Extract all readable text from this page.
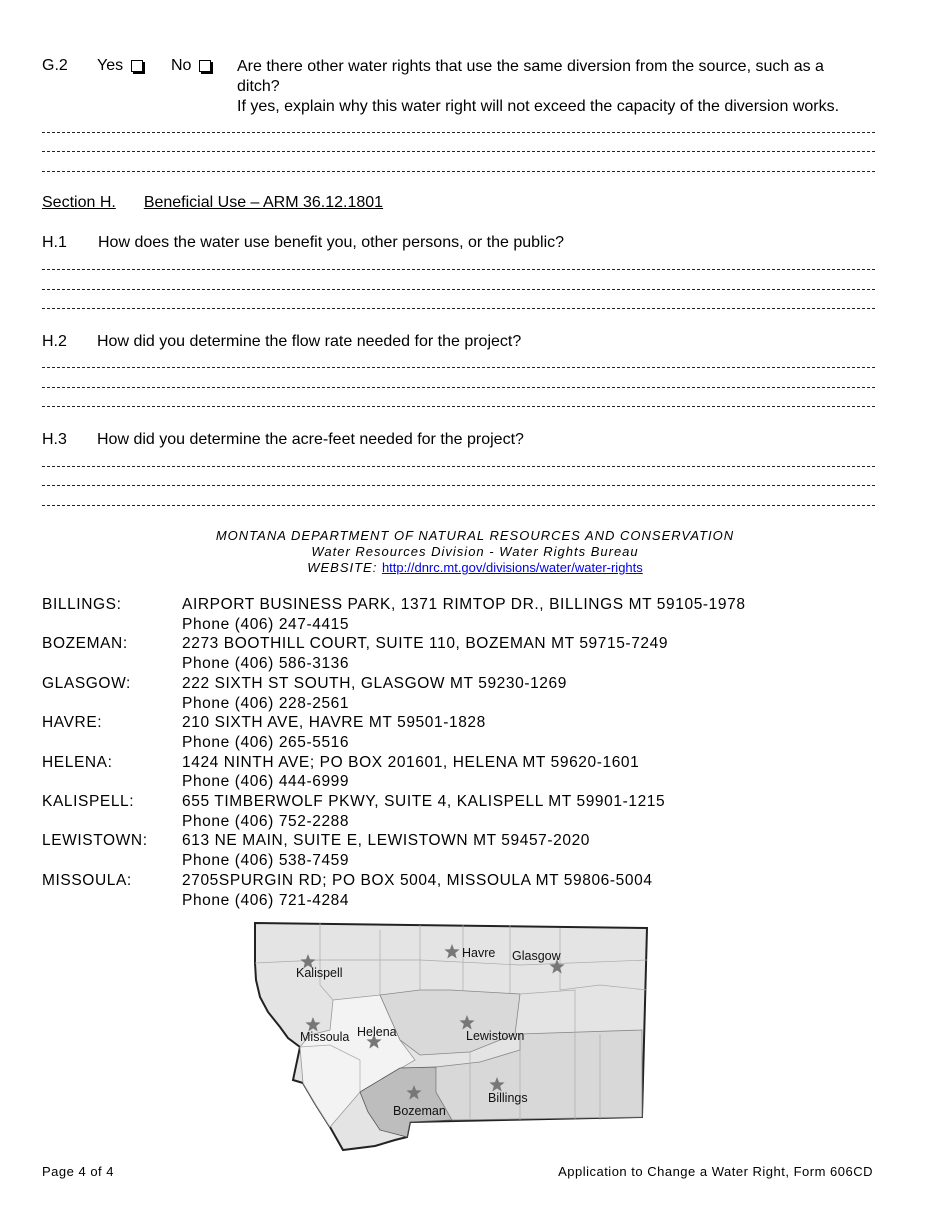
G.2 Yes	No	Are there other water rights that use the same diversion from the source, such as a
ditch?
If yes, explain why this water right will not exceed the capacity of the diversion works.
Section H. Beneficial Use – ARM 36.12.1801
H.1 How does the water use benefit you, other persons, or the public?
H.2 How did you determine the flow rate needed for the project?
H.3 How did you determine the acre-feet needed for the project?
MONTANA DEPARTMENT OF NATURAL RESOURCES AND CONSERVATION
Water Resources Division - Water Rights Bureau
WEBSITE: http://dnrc.mt.gov/divisions/water/water-rights
BILLINGS:	AIRPORT BUSINESS PARK, 1371 RIMTOP DR., BILLINGS MT 59105-1978
Phone (406) 247-4415
BOZEMAN:	2273 BOOTHILL COURT, SUITE 110, BOZEMAN MT 59715-7249
Phone (406) 586-3136
GLASGOW:	222 SIXTH ST SOUTH, GLASGOW MT 59230-1269
Phone (406) 228-2561
HAVRE:	210 SIXTH AVE, HAVRE MT 59501-1828
Phone (406) 265-5516
HELENA:	1424 NINTH AVE; PO BOX 201601, HELENA MT 59620-1601
Phone (406) 444-6999
KALISPELL:	655 TIMBERWOLF PKWY, SUITE 4, KALISPELL MT 59901-1215
Phone (406) 752-2288
LEWISTOWN: 613 NE MAIN, SUITE E, LEWISTOWN MT 59457-2020
Phone (406) 538-7459
MISSOULA:	2705SPURGIN RD; PO BOX 5004, MISSOULA MT 59806-5004
Phone (406) 721-4284
Kalispell
Havre Glasgow
Missoula Helena	Lewistown
Bozeman
Billings
Page 4 of 4	Application to Change a Water Right, Form 606CD
